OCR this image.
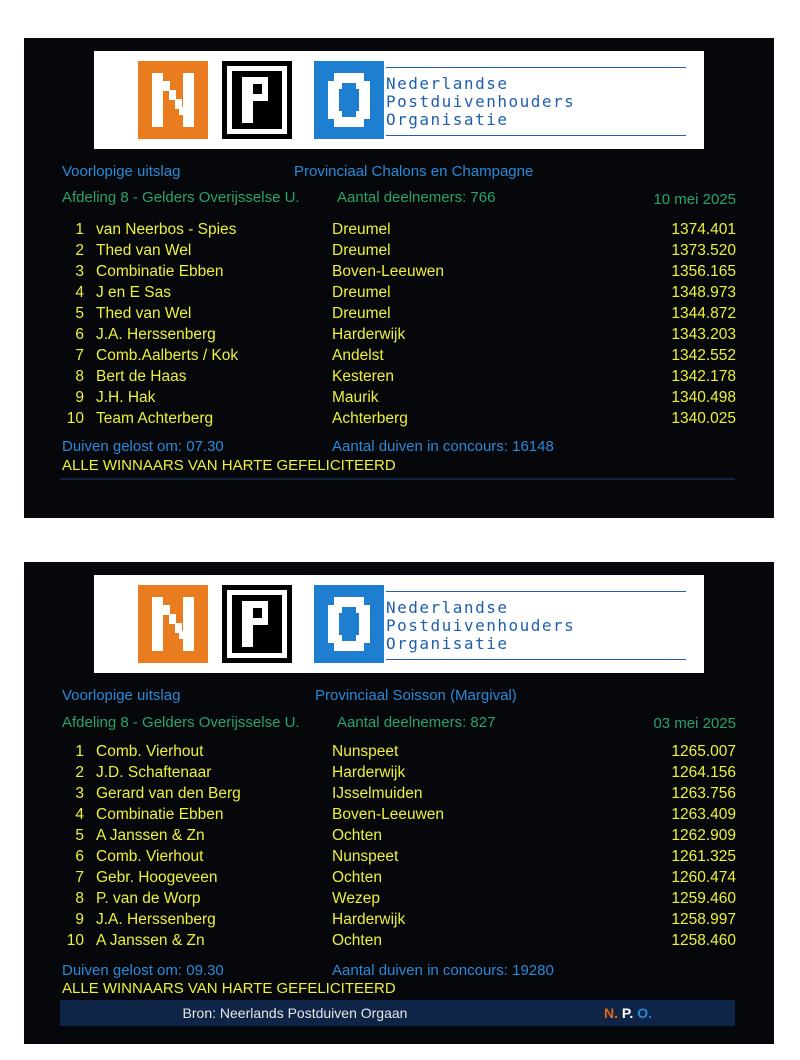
Nederlandse
Postduivenhouders
Organisatie
Voorlopige uitslag	Provinciaal Chalons en Champagne
Afdeling 8 - Gelders Overijsselse U. Aantal deelnemers: 766	10 mei 2025
1 van Neerbos - Spies	Dreumel	1374.401
2 Thed van Wel	Dreumel	1373.520
3 Combinatie Ebben	Boven-Leeuwen	1356.165
4 J en E Sas	Dreumel	1348.973
5 Thed van Wel	Dreumel	1344.872
6 J.A. Herssenberg	Harderwijk	1343.203
7 Comb.Aalberts / Kok	Andelst	1342.552
8 Bert de Haas	Kesteren	1342.178
9 J.H. Hak	Maurik	1340.498
10 Team Achterberg	Achterberg	1340.025
Duiven gelost om: 07.30	Aantal duiven in concours: 16148
ALLE WINNAARS VAN HARTE GEFELICITEERD
Nederlandse
Postduivenhouders
Organisatie
Voorlopige uitslag	Provinciaal Soisson (Margival)
Afdeling 8 - Gelders Overijsselse U. Aantal deelnemers: 827	03 mei 2025
1 Comb. Vierhout	Nunspeet	1265.007
2 J.D. Schaftenaar	Harderwijk	1264.156
3 Gerard van den Berg	IJsselmuiden	1263.756
4 Combinatie Ebben	Boven-Leeuwen	1263.409
5 A Janssen & Zn	Ochten	1262.909
6 Comb. Vierhout	Nunspeet	1261.325
7 Gebr. Hoogeveen	Ochten	1260.474
8 P. van de Worp	Wezep	1259.460
9 J.A. Herssenberg	Harderwijk	1258.997
10 A Janssen & Zn	Ochten	1258.460
Duiven gelost om: 09.30	Aantal duiven in concours: 19280
ALLE WINNAARS VAN HARTE GEFELICITEERD
Bron: Neerlands Postduiven Orgaan	N. P. O.
